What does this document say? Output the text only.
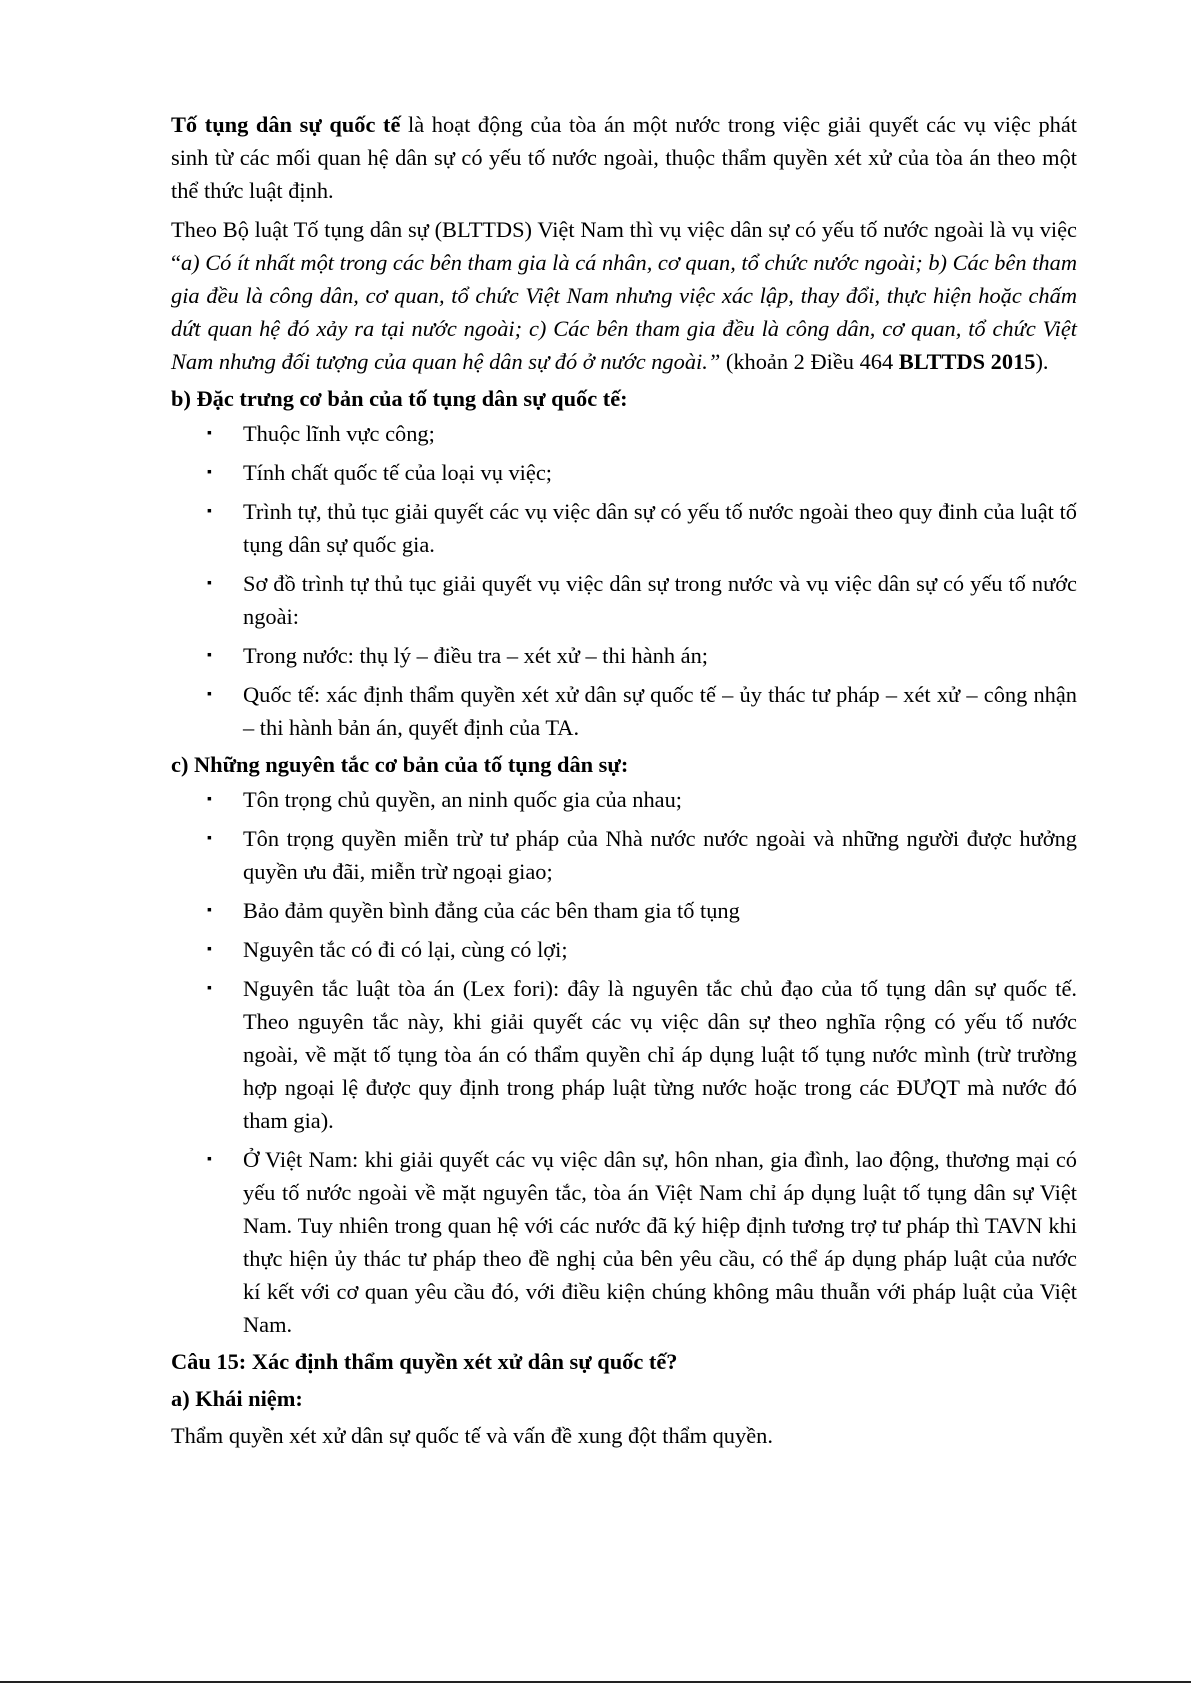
Tố tụng dân sự quốc tế là hoạt động của tòa án một nước trong việc giải quyết các vụ việc phát sinh từ các mối quan hệ dân sự có yếu tố nước ngoài, thuộc thẩm quyền xét xử của tòa án theo một thể thức luật định.

Theo Bộ luật Tố tụng dân sự (BLTTDS) Việt Nam thì vụ việc dân sự có yếu tố nước ngoài là vụ việc “a) Có ít nhất một trong các bên tham gia là cá nhân, cơ quan, tổ chức nước ngoài; b) Các bên tham gia đều là công dân, cơ quan, tổ chức Việt Nam nhưng việc xác lập, thay đổi, thực hiện hoặc chấm dứt quan hệ đó xảy ra tại nước ngoài; c) Các bên tham gia đều là công dân, cơ quan, tổ chức Việt Nam nhưng đối tượng của quan hệ dân sự đó ở nước ngoài.” (khoản 2 Điều 464 BLTTDS 2015).

b) Đặc trưng cơ bản của tố tụng dân sự quốc tế:

▪ Thuộc lĩnh vực công;
▪ Tính chất quốc tế của loại vụ việc;
▪ Trình tự, thủ tục giải quyết các vụ việc dân sự có yếu tố nước ngoài theo quy đinh của luật tố tụng dân sự quốc gia.
▪ Sơ đồ trình tự thủ tục giải quyết vụ việc dân sự trong nước và vụ việc dân sự có yếu tố nước ngoài:
▪ Trong nước: thụ lý – điều tra – xét xử – thi hành án;
▪ Quốc tế: xác định thẩm quyền xét xử dân sự quốc tế – ủy thác tư pháp – xét xử – công nhận – thi hành bản án, quyết định của TA.

c) Những nguyên tắc cơ bản của tố tụng dân sự:

▪ Tôn trọng chủ quyền, an ninh quốc gia của nhau;
▪ Tôn trọng quyền miễn trừ tư pháp của Nhà nước nước ngoài và những người được hưởng quyền ưu đãi, miễn trừ ngoại giao;
▪ Bảo đảm quyền bình đẳng của các bên tham gia tố tụng
▪ Nguyên tắc có đi có lại, cùng có lợi;
▪ Nguyên tắc luật tòa án (Lex fori): đây là nguyên tắc chủ đạo của tố tụng dân sự quốc tế. Theo nguyên tắc này, khi giải quyết các vụ việc dân sự theo nghĩa rộng có yếu tố nước ngoài, về mặt tố tụng tòa án có thẩm quyền chỉ áp dụng luật tố tụng nước mình (trừ trường hợp ngoại lệ được quy định trong pháp luật từng nước hoặc trong các ĐƯQT mà nước đó tham gia).
▪ Ở Việt Nam: khi giải quyết các vụ việc dân sự, hôn nhan, gia đình, lao động, thương mại có yếu tố nước ngoài về mặt nguyên tắc, tòa án Việt Nam chỉ áp dụng luật tố tụng dân sự Việt Nam. Tuy nhiên trong quan hệ với các nước đã ký hiệp định tương trợ tư pháp thì TAVN khi thực hiện ủy thác tư pháp theo đề nghị của bên yêu cầu, có thể áp dụng pháp luật của nước kí kết với cơ quan yêu cầu đó, với điều kiện chúng không mâu thuẫn với pháp luật của Việt Nam.

Câu 15: Xác định thẩm quyền xét xử dân sự quốc tế?

a) Khái niệm:

Thẩm quyền xét xử dân sự quốc tế và vấn đề xung đột thẩm quyền.
